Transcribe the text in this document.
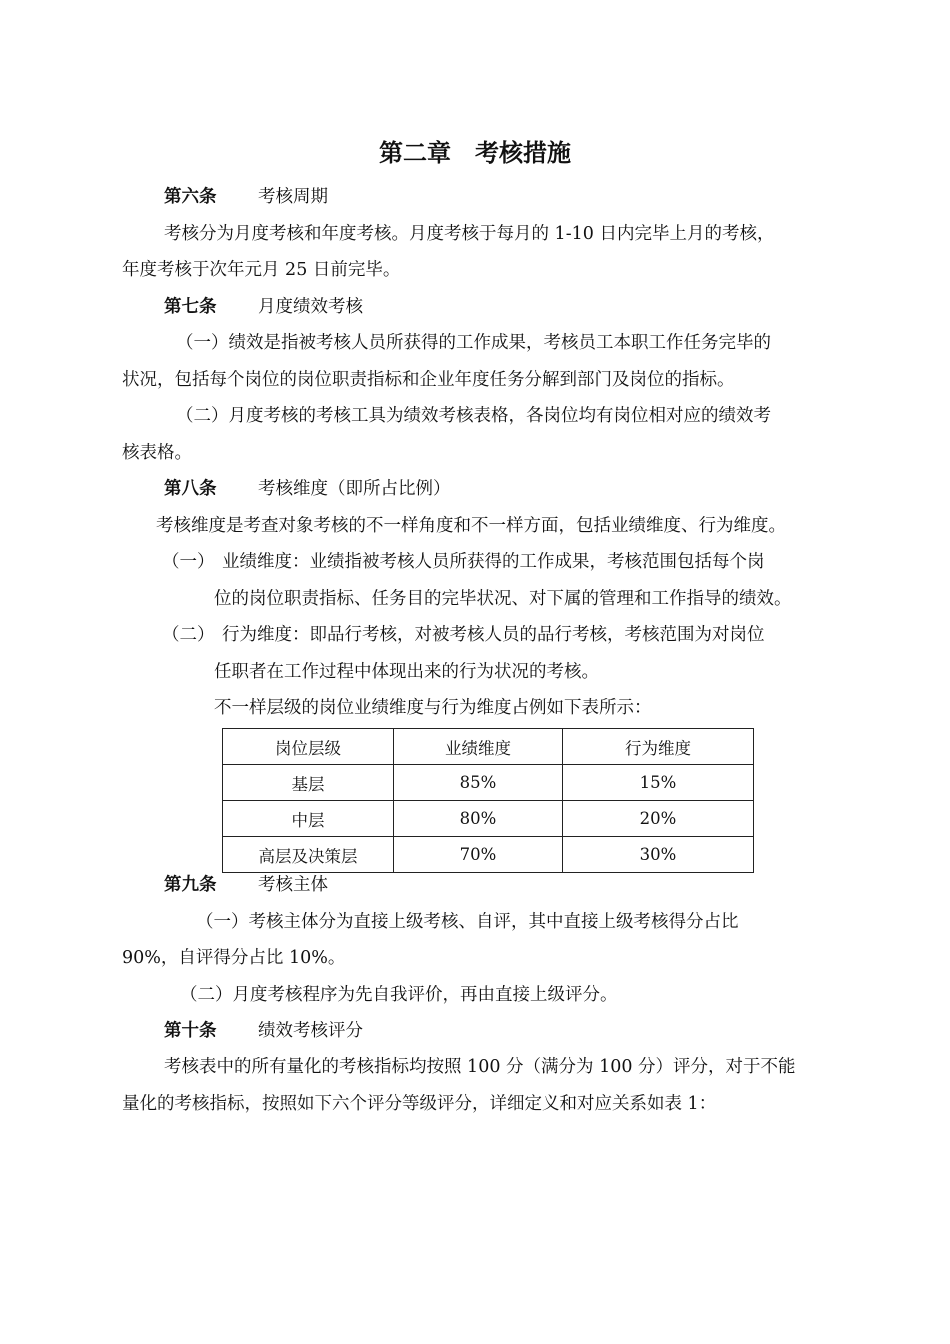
第二章　考核措施

第六条 考核周期

考核分为月度考核和年度考核。月度考核于每月的 1-10 日内完毕上月的考核，

年度考核于次年元月 25 日前完毕。

第七条 月度绩效考核

（一）绩效是指被考核人员所获得的工作成果，考核员工本职工作任务完毕的

状况，包括每个岗位的岗位职责指标和企业年度任务分解到部门及岗位的指标。

（二）月度考核的考核工具为绩效考核表格，各岗位均有岗位相对应的绩效考

核表格。

第八条 考核维度（即所占比例）

考核维度是考查对象考核的不一样角度和不一样方面，包括业绩维度、行为维度。

（一） 业绩维度：业绩指被考核人员所获得的工作成果，考核范围包括每个岗

位的岗位职责指标、任务目的完毕状况、对下属的管理和工作指导的绩效。

（二） 行为维度：即品行考核，对被考核人员的品行考核，考核范围为对岗位

任职者在工作过程中体现出来的行为状况的考核。

不一样层级的岗位业绩维度与行为维度占例如下表所示：

岗位层级	业绩维度	行为维度
基层	85%	15%
中层	80%	20%
高层及决策层	70%	30%

第九条 考核主体

（一）考核主体分为直接上级考核、自评，其中直接上级考核得分占比

90%，自评得分占比 10%。

（二）月度考核程序为先自我评价，再由直接上级评分。

第十条 绩效考核评分

考核表中的所有量化的考核指标均按照 100 分（满分为 100 分）评分，对于不能

量化的考核指标，按照如下六个评分等级评分，详细定义和对应关系如表 1：
